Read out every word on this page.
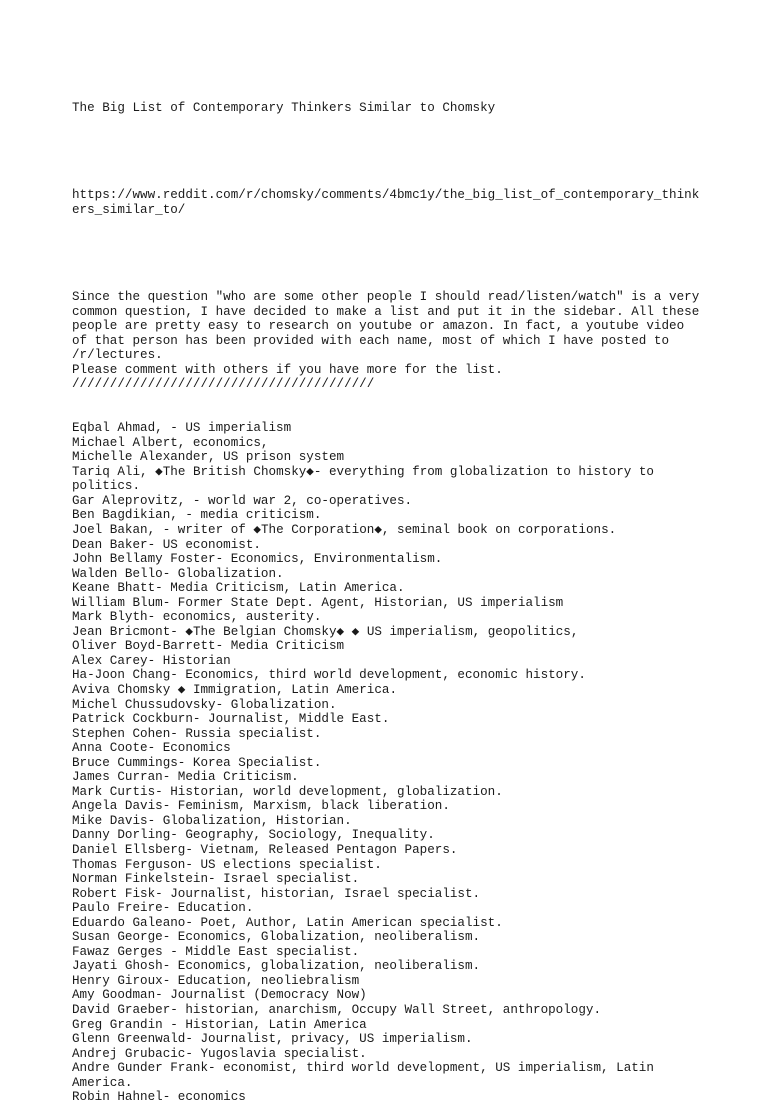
The Big List of Contemporary Thinkers Similar to Chomsky

https://www.reddit.com/r/chomsky/comments/4bmc1y/the_big_list_of_contemporary_think
ers_similar_to/

Since the question "who are some other people I should read/listen/watch" is a very
common question, I have decided to make a list and put it in the sidebar. All these
people are pretty easy to research on youtube or amazon. In fact, a youtube video
of that person has been provided with each name, most of which I have posted to
/r/lectures.
Please comment with others if you have more for the list.
////////////////////////////////////////

Eqbal Ahmad, - US imperialism
Michael Albert, economics,
Michelle Alexander, US prison system
Tariq Ali, ◆The British Chomsky◆- everything from globalization to history to
politics.
Gar Aleprovitz, - world war 2, co-operatives.
Ben Bagdikian, - media criticism.
Joel Bakan, - writer of ◆The Corporation◆, seminal book on corporations.
Dean Baker- US economist.
John Bellamy Foster- Economics, Environmentalism.
Walden Bello- Globalization.
Keane Bhatt- Media Criticism, Latin America.
William Blum- Former State Dept. Agent, Historian, US imperialism
Mark Blyth- economics, austerity.
Jean Bricmont- ◆The Belgian Chomsky◆ ◆ US imperialism, geopolitics,
Oliver Boyd-Barrett- Media Criticism
Alex Carey- Historian
Ha-Joon Chang- Economics, third world development, economic history.
Aviva Chomsky ◆ Immigration, Latin America.
Michel Chussudovsky- Globalization.
Patrick Cockburn- Journalist, Middle East.
Stephen Cohen- Russia specialist.
Anna Coote- Economics
Bruce Cummings- Korea Specialist.
James Curran- Media Criticism.
Mark Curtis- Historian, world development, globalization.
Angela Davis- Feminism, Marxism, black liberation.
Mike Davis- Globalization, Historian.
Danny Dorling- Geography, Sociology, Inequality.
Daniel Ellsberg- Vietnam, Released Pentagon Papers.
Thomas Ferguson- US elections specialist.
Norman Finkelstein- Israel specialist.
Robert Fisk- Journalist, historian, Israel specialist.
Paulo Freire- Education.
Eduardo Galeano- Poet, Author, Latin American specialist.
Susan George- Economics, Globalization, neoliberalism.
Fawaz Gerges - Middle East specialist.
Jayati Ghosh- Economics, globalization, neoliberalism.
Henry Giroux- Education, neoliebralism
Amy Goodman- Journalist (Democracy Now)
David Graeber- historian, anarchism, Occupy Wall Street, anthropology.
Greg Grandin - Historian, Latin America
Glenn Greenwald- Journalist, privacy, US imperialism.
Andrej Grubacic- Yugoslavia specialist.
Andre Gunder Frank- economist, third world development, US imperialism, Latin
America.
Robin Hahnel- economics
